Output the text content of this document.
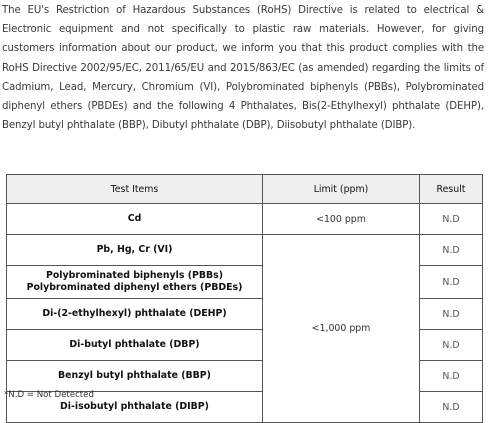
The EU's Restriction of Hazardous Substances (RoHS) Directive is related to electrical & Electronic equipment and not specifically to plastic raw materials. However, for giving customers information about our product, we inform you that this product complies with the RoHS Directive 2002/95/EC, 2011/65/EU and 2015/863/EC (as amended) regarding the limits of Cadmium, Lead, Mercury, Chromium (VI), Polybrominated biphenyls (PBBs), Polybrominated diphenyl ethers (PBDEs) and the following 4 Phthalates, Bis(2-Ethylhexyl) phthalate (DEHP), Benzyl butyl phthalate (BBP), Dibutyl phthalate (DBP), Diisobutyl phthalate (DIBP).
Test Items	Limit (ppm)	Result
Cd	<100 ppm	N.D
Pb, Hg, Cr (VI)	<1,000 ppm	N.D

Polybrominated biphenyls (PBBs)
Polybrominated diphenyl ethers (PBDEs)		N.D
Di-(2-ethylhexyl) phthalate (DEHP)		N.D
Di-butyl phthalate (DBP)		N.D
Benzyl butyl phthalate (BBP)		N.D
Di-isobutyl phthalate (DIBP)		N.D
*N.D = Not Detected
